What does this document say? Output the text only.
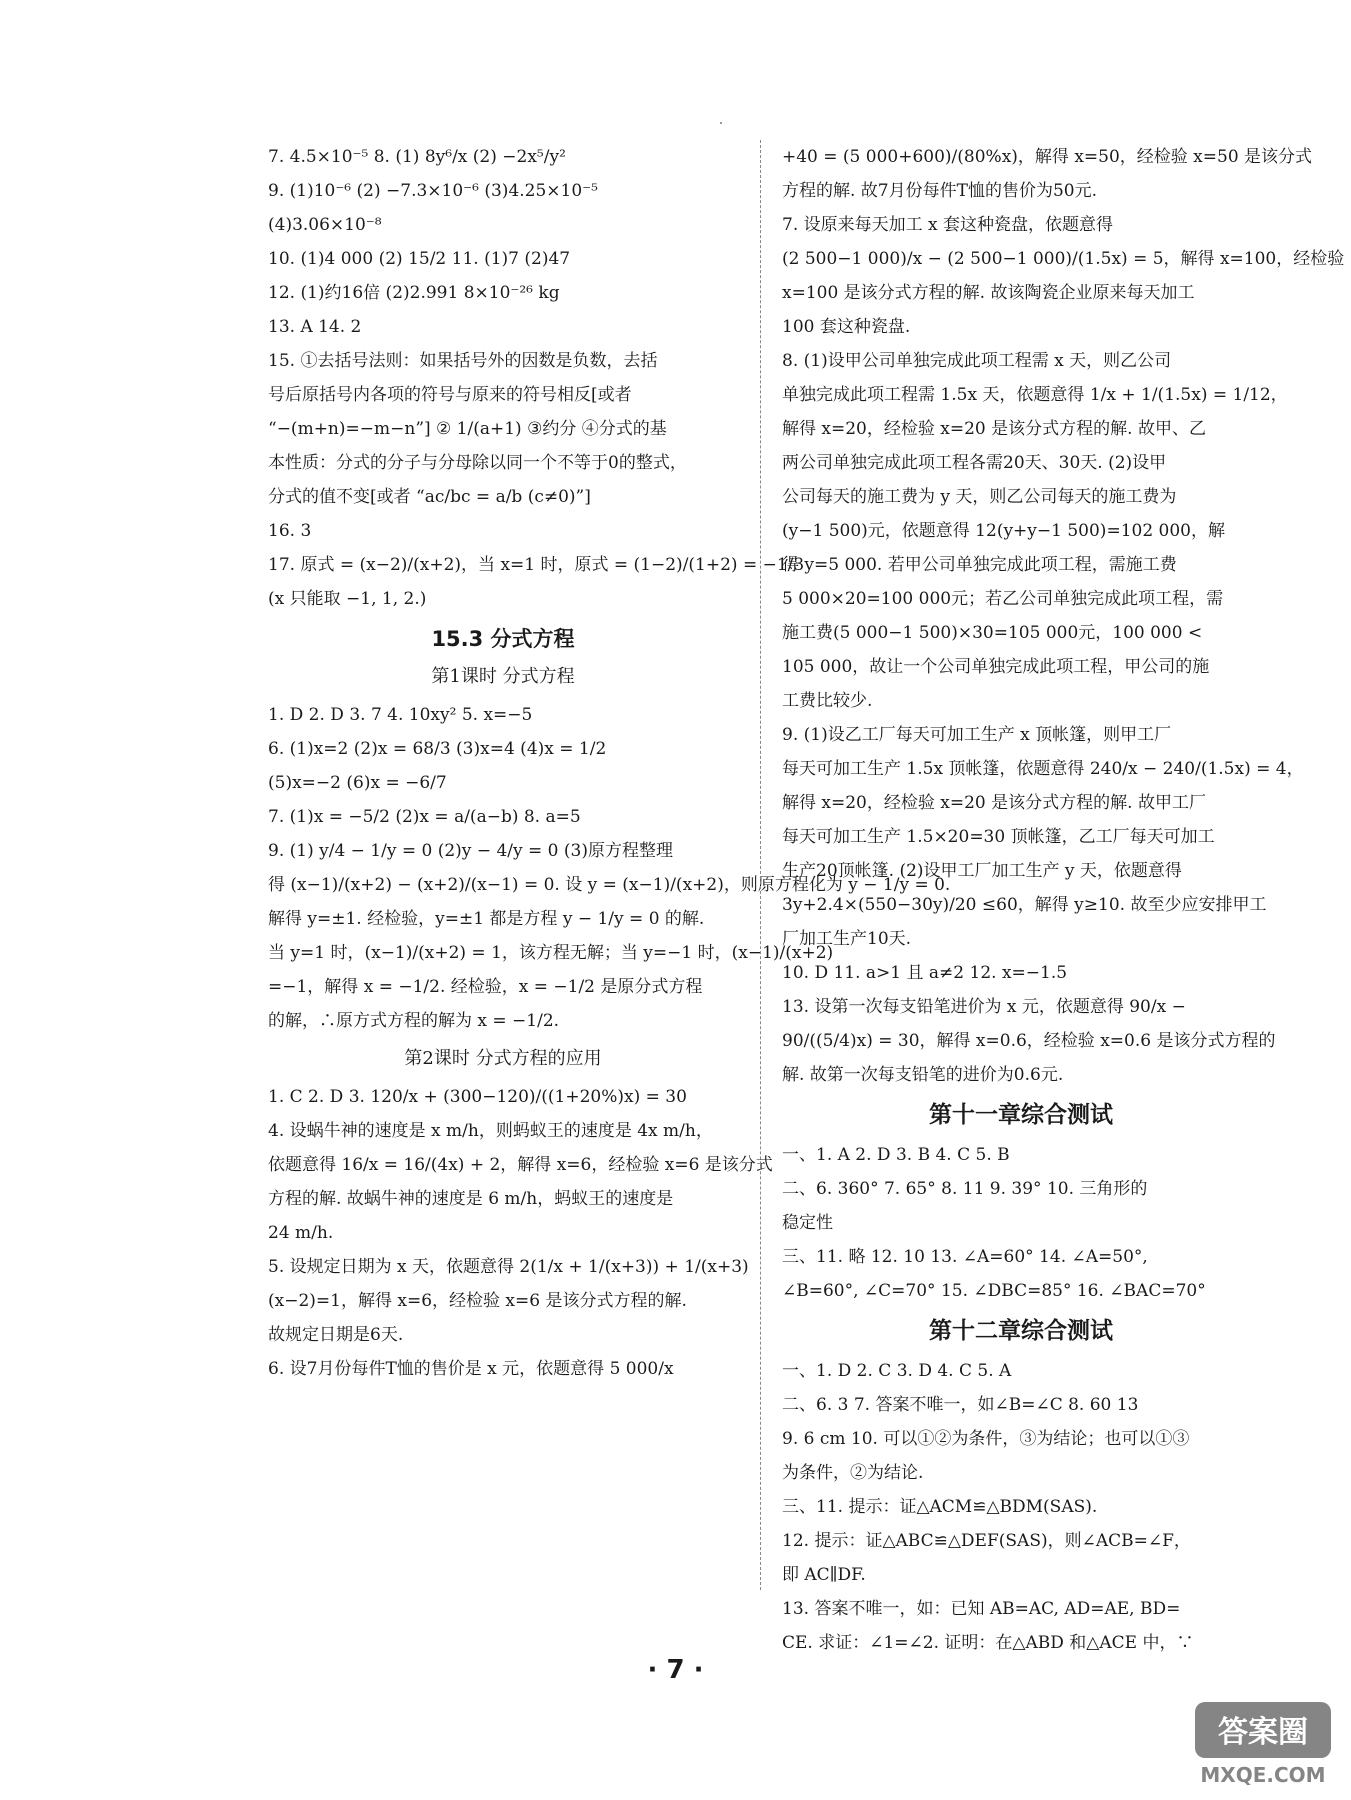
7. 4.5×10⁻⁵ 8. (1) 8y⁶/x (2) −2x⁵/y²
9. (1)10⁻⁶ (2) −7.3×10⁻⁶ (3)4.25×10⁻⁵
(4)3.06×10⁻⁸
10. (1)4 000 (2) 15/2 11. (1)7 (2)47
12. (1)约16倍 (2)2.991 8×10⁻²⁶ kg
13. A 14. 2
15. ①去括号法则：如果括号外的因数是负数，去括
号后原括号内各项的符号与原来的符号相反[或者
“−(m+n)=−m−n”] ② 1/(a+1) ③约分 ④分式的基
本性质：分式的分子与分母除以同一个不等于0的整式，
分式的值不变[或者 “ac/bc = a/b (c≠0)”]
16. 3
17. 原式 = (x−2)/(x+2)，当 x=1 时，原式 = (1−2)/(1+2) = −1/3
(x 只能取 −1, 1, 2.)
15.3 分式方程
第1课时 分式方程
1. D 2. D 3. 7 4. 10xy² 5. x=−5
6. (1)x=2 (2)x = 68/3 (3)x=4 (4)x = 1/2
(5)x=−2 (6)x = −6/7
7. (1)x = −5/2 (2)x = a/(a−b) 8. a=5
9. (1) y/4 − 1/y = 0 (2)y − 4/y = 0 (3)原方程整理
得 (x−1)/(x+2) − (x+2)/(x−1) = 0. 设 y = (x−1)/(x+2)，则原方程化为 y − 1/y = 0.
解得 y=±1. 经检验，y=±1 都是方程 y − 1/y = 0 的解.
当 y=1 时，(x−1)/(x+2) = 1，该方程无解；当 y=−1 时，(x−1)/(x+2)
=−1，解得 x = −1/2. 经检验，x = −1/2 是原分式方程
的解，∴原方式方程的解为 x = −1/2.
第2课时 分式方程的应用
1. C 2. D 3. 120/x + (300−120)/((1+20%)x) = 30
4. 设蜗牛神的速度是 x m/h，则蚂蚁王的速度是 4x m/h，
依题意得 16/x = 16/(4x) + 2，解得 x=6，经检验 x=6 是该分式
方程的解. 故蜗牛神的速度是 6 m/h，蚂蚁王的速度是
24 m/h.
5. 设规定日期为 x 天，依题意得 2(1/x + 1/(x+3)) + 1/(x+3)
(x−2)=1，解得 x=6，经检验 x=6 是该分式方程的解.
故规定日期是6天.
6. 设7月份每件T恤的售价是 x 元，依题意得 5 000/x
+40 = (5 000+600)/(80%x)，解得 x=50，经检验 x=50 是该分式
方程的解. 故7月份每件T恤的售价为50元.
7. 设原来每天加工 x 套这种瓷盘，依题意得
(2 500−1 000)/x − (2 500−1 000)/(1.5x) = 5，解得 x=100，经检验
x=100 是该分式方程的解. 故该陶瓷企业原来每天加工
100 套这种瓷盘.
8. (1)设甲公司单独完成此项工程需 x 天，则乙公司
单独完成此项工程需 1.5x 天，依题意得 1/x + 1/(1.5x) = 1/12，
解得 x=20，经检验 x=20 是该分式方程的解. 故甲、乙
两公司单独完成此项工程各需20天、30天. (2)设甲
公司每天的施工费为 y 天，则乙公司每天的施工费为
(y−1 500)元，依题意得 12(y+y−1 500)=102 000，解
得 y=5 000. 若甲公司单独完成此项工程，需施工费
5 000×20=100 000元；若乙公司单独完成此项工程，需
施工费(5 000−1 500)×30=105 000元，100 000 <
105 000，故让一个公司单独完成此项工程，甲公司的施
工费比较少.
9. (1)设乙工厂每天可加工生产 x 顶帐篷，则甲工厂
每天可加工生产 1.5x 顶帐篷，依题意得 240/x − 240/(1.5x) = 4，
解得 x=20，经检验 x=20 是该分式方程的解. 故甲工厂
每天可加工生产 1.5×20=30 顶帐篷，乙工厂每天可加工
生产20顶帐篷. (2)设甲工厂加工生产 y 天，依题意得
3y+2.4×(550−30y)/20 ≤60，解得 y≥10. 故至少应安排甲工
厂加工生产10天.
10. D 11. a>1 且 a≠2 12. x=−1.5
13. 设第一次每支铅笔进价为 x 元，依题意得 90/x −
90/((5/4)x) = 30，解得 x=0.6，经检验 x=0.6 是该分式方程的
解. 故第一次每支铅笔的进价为0.6元.
第十一章综合测试
一、1. A 2. D 3. B 4. C 5. B
二、6. 360° 7. 65° 8. 11 9. 39° 10. 三角形的
稳定性
三、11. 略 12. 10 13. ∠A=60° 14. ∠A=50°,
∠B=60°, ∠C=70° 15. ∠DBC=85° 16. ∠BAC=70°
第十二章综合测试
一、1. D 2. C 3. D 4. C 5. A
二、6. 3 7. 答案不唯一，如∠B=∠C 8. 60 13
9. 6 cm 10. 可以①②为条件，③为结论；也可以①③
为条件，②为结论.
三、11. 提示：证△ACM≌△BDM(SAS).
12. 提示：证△ABC≌△DEF(SAS)，则∠ACB=∠F，
即 AC∥DF.
13. 答案不唯一，如：已知 AB=AC, AD=AE, BD=
CE. 求证：∠1=∠2. 证明：在△ABD 和△ACE 中，∵
· 7 ·
答案圈
MXQE.COM
